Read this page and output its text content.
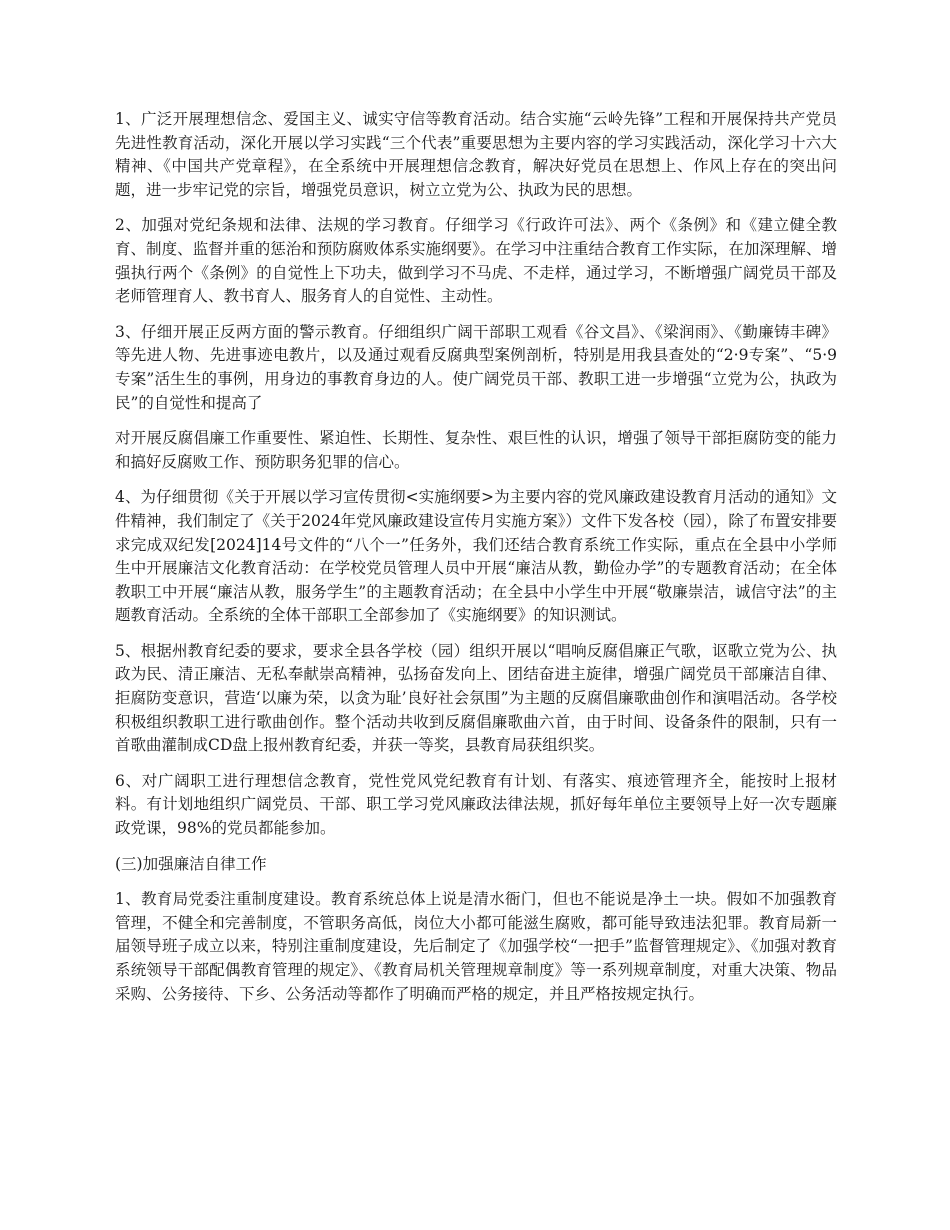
1、广泛开展理想信念、爱国主义、诚实守信等教育活动。结合实施“云岭先锋”工程和开展保持共产党员先进性教育活动，深化开展以学习实践“三个代表”重要思想为主要内容的学习实践活动，深化学习十六大精神、《中国共产党章程》，在全系统中开展理想信念教育，解决好党员在思想上、作风上存在的突出问题，进一步牢记党的宗旨，增强党员意识，树立立党为公、执政为民的思想。

2、加强对党纪条规和法律、法规的学习教育。仔细学习《行政许可法》、两个《条例》和《建立健全教育、制度、监督并重的惩治和预防腐败体系实施纲要》。在学习中注重结合教育工作实际，在加深理解、增强执行两个《条例》的自觉性上下功夫，做到学习不马虎、不走样，通过学习，不断增强广阔党员干部及老师管理育人、教书育人、服务育人的自觉性、主动性。

3、仔细开展正反两方面的警示教育。仔细组织广阔干部职工观看《谷文昌》、《梁润雨》、《勤廉铸丰碑》等先进人物、先进事迹电教片，以及通过观看反腐典型案例剖析，特别是用我县查处的“2·9专案”、“5·9专案”活生生的事例，用身边的事教育身边的人。使广阔党员干部、教职工进一步增强“立党为公，执政为民”的自觉性和提高了

对开展反腐倡廉工作重要性、紧迫性、长期性、复杂性、艰巨性的认识，增强了领导干部拒腐防变的能力和搞好反腐败工作、预防职务犯罪的信心。

4、为仔细贯彻《关于开展以学习宣传贯彻<实施纲要>为主要内容的党风廉政建设教育月活动的通知》文件精神，我们制定了《关于2024年党风廉政建设宣传月实施方案》）文件下发各校（园），除了布置安排要求完成双纪发[2024]14号文件的“八个一”任务外，我们还结合教育系统工作实际，重点在全县中小学师生中开展廉洁文化教育活动：在学校党员管理人员中开展“廉洁从教，勤俭办学”的专题教育活动；在全体教职工中开展“廉洁从教，服务学生”的主题教育活动；在全县中小学生中开展“敬廉崇洁，诚信守法”的主题教育活动。全系统的全体干部职工全部参加了《实施纲要》的知识测试。

5、根据州教育纪委的要求，要求全县各学校（园）组织开展以“唱响反腐倡廉正气歌，讴歌立党为公、执政为民、清正廉洁、无私奉献崇高精神，弘扬奋发向上、团结奋进主旋律，增强广阔党员干部廉洁自律、拒腐防变意识，营造‘以廉为荣，以贪为耻’良好社会氛围”为主题的反腐倡廉歌曲创作和演唱活动。各学校积极组织教职工进行歌曲创作。整个活动共收到反腐倡廉歌曲六首，由于时间、设备条件的限制，只有一首歌曲灌制成CD盘上报州教育纪委，并获一等奖，县教育局获组织奖。

6、对广阔职工进行理想信念教育，党性党风党纪教育有计划、有落实、痕迹管理齐全，能按时上报材料。有计划地组织广阔党员、干部、职工学习党风廉政法律法规，抓好每年单位主要领导上好一次专题廉政党课，98%的党员都能参加。

(三)加强廉洁自律工作

1、教育局党委注重制度建设。教育系统总体上说是清水衙门，但也不能说是净土一块。假如不加强教育管理，不健全和完善制度，不管职务高低，岗位大小都可能滋生腐败，都可能导致违法犯罪。教育局新一届领导班子成立以来，特别注重制度建设，先后制定了《加强学校“一把手”监督管理规定》、《加强对教育系统领导干部配偶教育管理的规定》、《教育局机关管理规章制度》等一系列规章制度，对重大决策、物品采购、公务接待、下乡、公务活动等都作了明确而严格的规定，并且严格按规定执行。
